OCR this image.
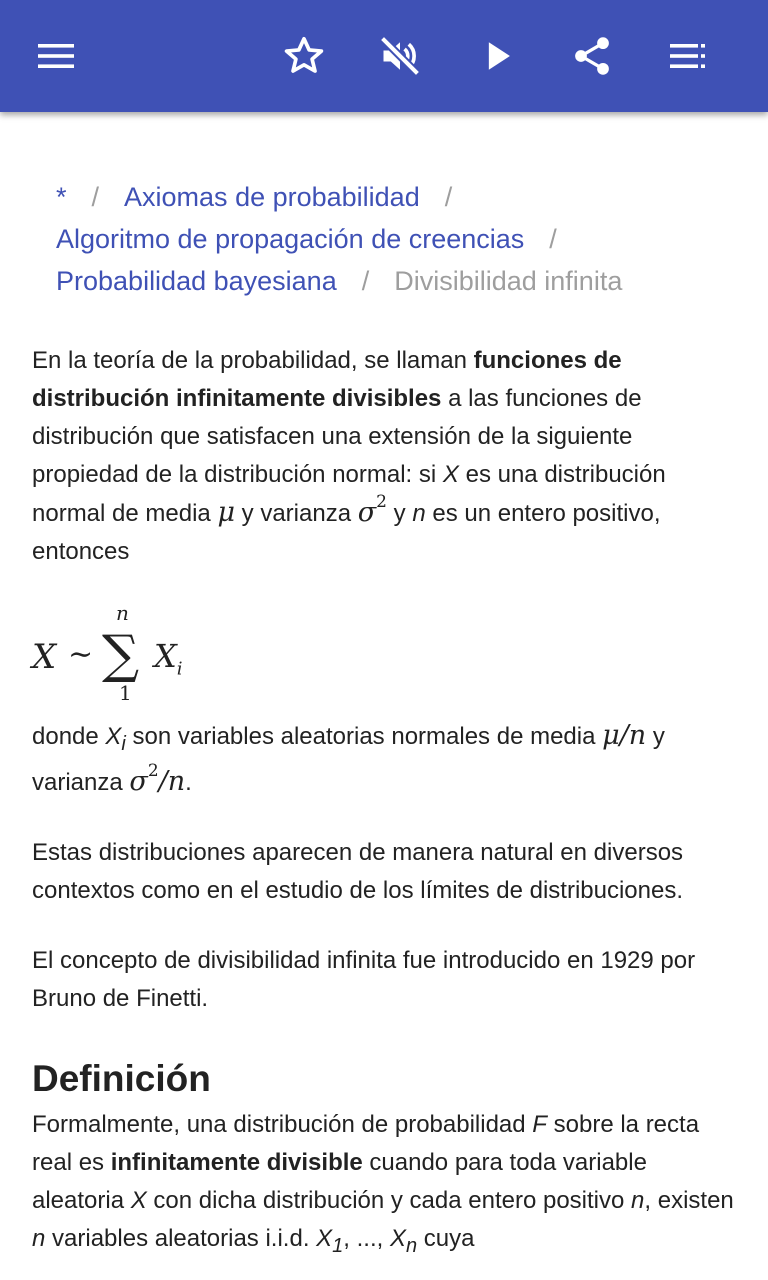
* / Axiomas de probabilidad /
Algoritmo de propagación de creencias /
Probabilidad bayesiana / Divisibilidad infinita

En la teoría de la probabilidad, se llaman funciones de distribución infinitamente divisibles a las funciones de distribución que satisfacen una extensión de la siguiente propiedad de la distribución normal: si X es una distribución normal de media μ y varianza $\sigma^2$ y n es un entero positivo, entonces

X ∼
n
∑
1
$X_i$

donde $X_i$ son variables aleatorias normales de media μ/n y varianza $\sigma^2/n$.

Estas distribuciones aparecen de manera natural en diversos contextos como en el estudio de los límites de distribuciones.

El concepto de divisibilidad infinita fue introducido en 1929 por Bruno de Finetti.

Definición

Formalmente, una distribución de probabilidad F sobre la recta real es infinitamente divisible cuando para toda variable aleatoria X con dicha distribución y cada entero positivo n, existen n variables aleatorias i.i.d. $X_1$, ..., $X_n$ cuya
